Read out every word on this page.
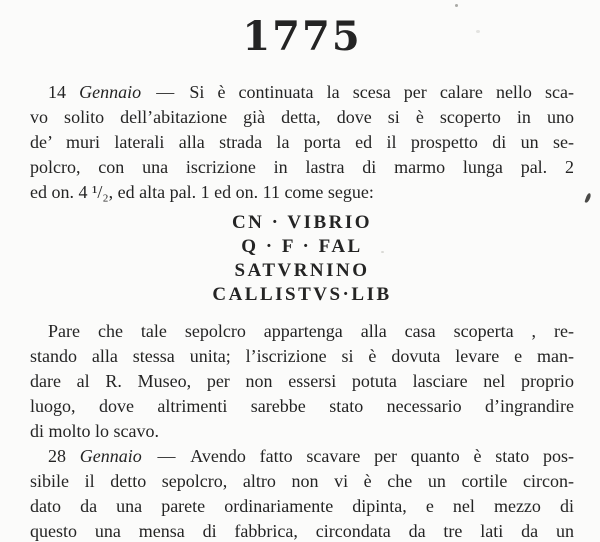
1775
14 Gennaio — Si è continuata la scesa per calare nello sca-
vo solito dell’abitazione già detta, dove si è scoperto in uno
de’ muri laterali alla strada la porta ed il prospetto di un se-
polcro, con una iscrizione in lastra di marmo lunga pal. 2
ed on. 4 ¹/₂, ed alta pal. 1 ed on. 11 come segue:
CN · VIBRIO
Q · F · FAL
SATVRNINO
CALLISTVS·LIB
Pare che tale sepolcro appartenga alla casa scoperta , re-
stando alla stessa unita; l’iscrizione si è dovuta levare e man-
dare al R. Museo, per non essersi potuta lasciare nel proprio
luogo, dove altrimenti sarebbe stato necessario d’ingrandire
di molto lo scavo.
28 Gennaio — Avendo fatto scavare per quanto è stato pos-
sibile il detto sepolcro, altro non vi è che un cortile circon-
dato da una parete ordinariamente dipinta, e nel mezzo di
questo una mensa di fabbrica, circondata da tre lati da un
